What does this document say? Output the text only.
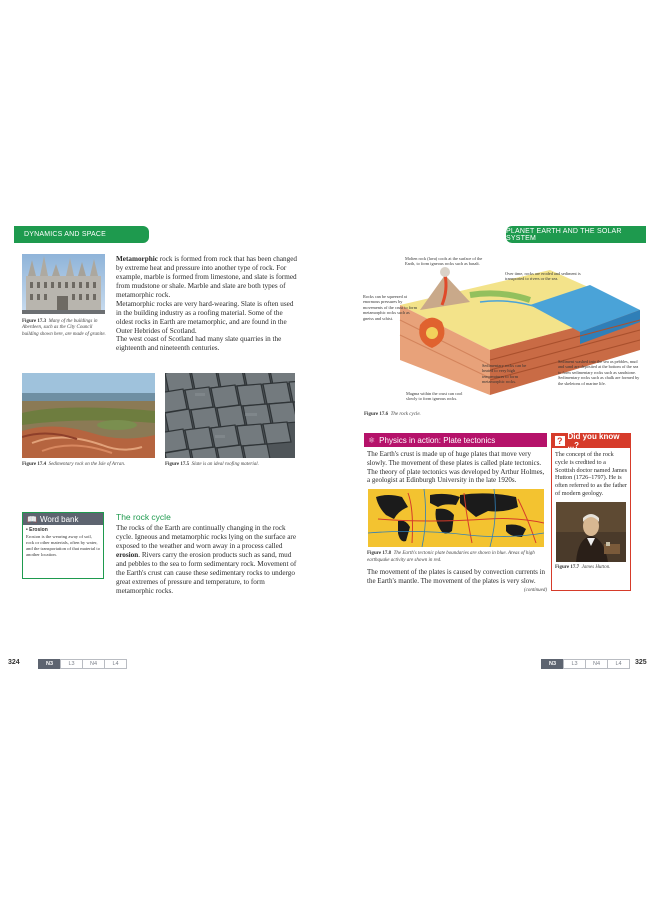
DYNAMICS AND SPACE	PLANET EARTH AND THE SOLAR SYSTEM
Figure 17.3 Many of the buildings in Aberdeen, such as the City Council building shown here, are made of granite.
Metamorphic rock is formed from rock that has been changed by extreme heat and pressure into another type of rock. For example, marble is formed from limestone, and slate is formed from mudstone or shale. Marble and slate are both types of metamorphic rock.
Metamorphic rocks are very hard-wearing. Slate is often used in the building industry as a roofing material. Some of the oldest rocks in Earth are metamorphic, and are found in the Outer Hebrides of Scotland.
The west coast of Scotland had many slate quarries in the eighteenth and nineteenth centuries.
Figure 17.4 Sedimentary rock on the Isle of Arran.	Figure 17.5 Slate is an ideal roofing material.
📖 Word bank
• Erosion
Erosion is the wearing away of soil, rock or other materials, often by water, and the transportation of that material to another location.
The rock cycle
The rocks of the Earth are continually changing in the rock cycle. Igneous and metamorphic rocks lying on the surface are exposed to the weather and worn away in a process called erosion. Rivers carry the erosion products such as sand, mud and pebbles to the sea to form sedimentary rock. Movement of the Earth's crust can cause these sedimentary rocks to undergo great extremes of pressure and temperature, to form metamorphic rocks.
324	N3	L3	N4	L4
Molten rock (lava) cools at the surface of the Earth, to form igneous rocks such as basalt.
Over time, rocks are eroded and sediment is transported to rivers or the sea.
Rocks can be squeezed at enormous pressures by movements of the crust to form metamorphic rocks such as gneiss and schist.
Sedimentary rocks can be heated to very high temperatures to form metamorphic rocks.
Sediment washed into the sea as pebbles, mud and sand are deposited at the bottom of the sea to form sedimentary rocks such as sandstone. Sedimentary rocks such as chalk are formed by the skeletons of marine life.
Magma within the crust can cool slowly to form igneous rocks.
Figure 17.6 The rock cycle.
⚛ Physics in action: Plate tectonics
The Earth's crust is made up of huge plates that move very slowly. The movement of these plates is called plate tectonics. The theory of plate tectonics was developed by Arthur Holmes, a geologist at Edinburgh University in the late 1920s.
Figure 17.8 The Earth's tectonic plate boundaries are shown in blue. Areas of high earthquake activity are shown in red.
The movement of the plates is caused by convection currents in the Earth's mantle. The movement of the plates is very slow.
(continued)
? Did you know ...?
The concept of the rock cycle is credited to a Scottish doctor named James Hutton (1726–1797). He is often referred to as the father of modern geology.
Figure 17.7 James Hutton.
N3	L3	N4	L4	325
